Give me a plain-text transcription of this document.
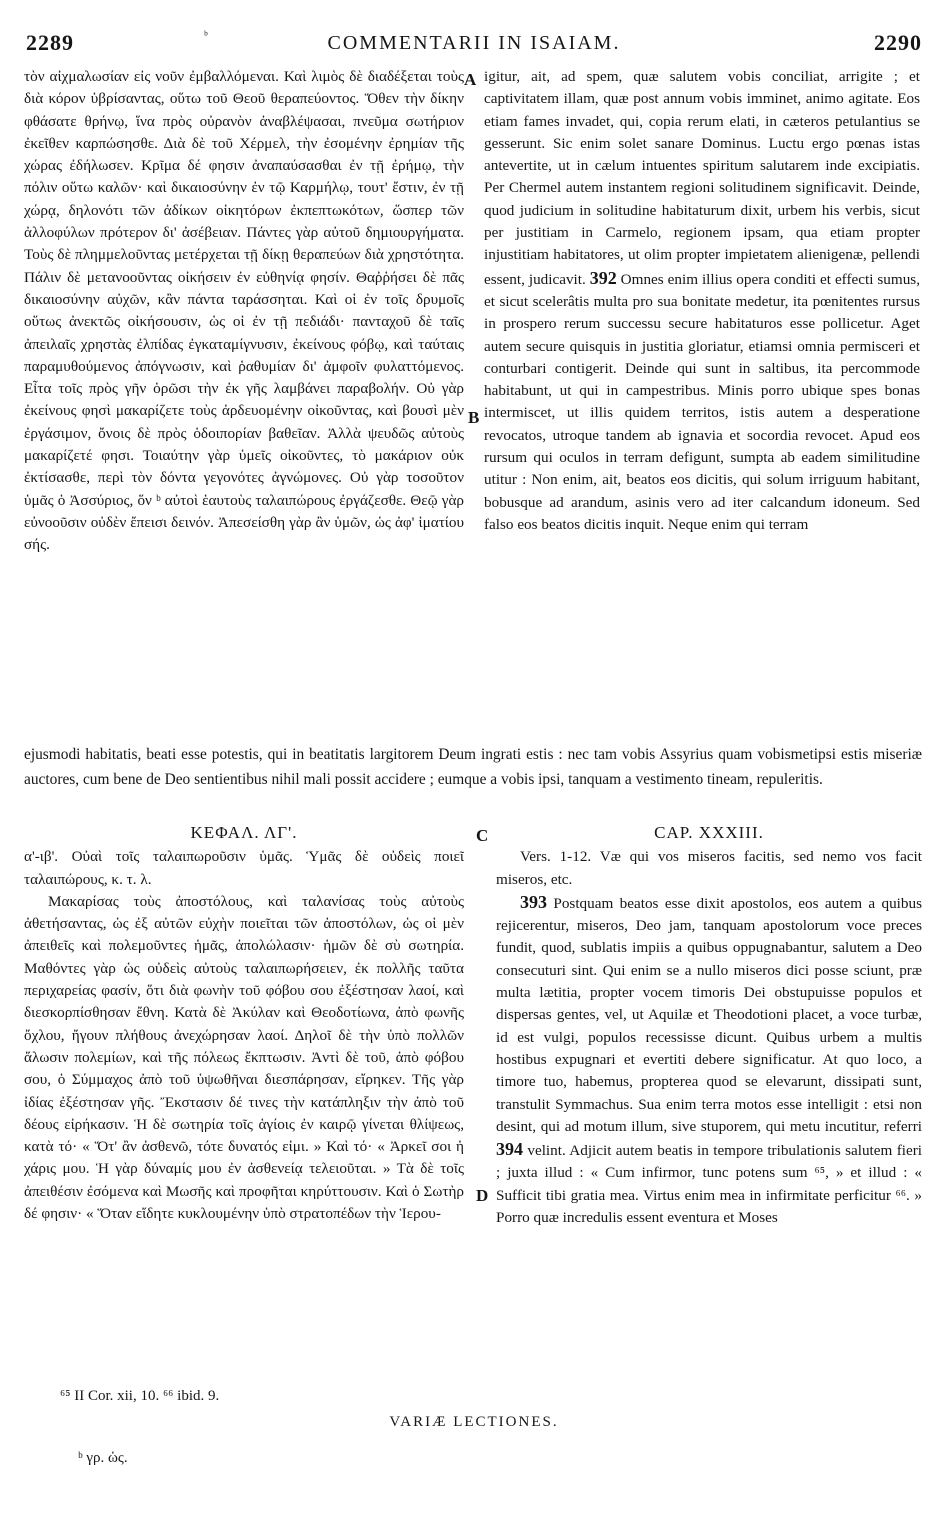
ᵇ
2289	COMMENTARII IN ISAIAM.	2290

τὸν αἰχμαλωσίαν εἰς νοῦν ἐμβαλλόμεναι. Καὶ λιμὸς δὲ διαδέξεται τοὺς διὰ κόρον ὑβρίσαντας, οὕτω τοῦ Θεοῦ θεραπεύοντος. Ὅθεν τὴν δίκην φθάσατε θρήνῳ, ἵνα πρὸς οὐρανὸν ἀναβλέψασαι, πνεῦμα σωτήριον ἐκεῖθεν καρπώσησθε. Διὰ δὲ τοῦ Χέρμελ, τὴν ἐσομένην ἐρημίαν τῆς χώρας ἐδήλωσεν. Κρῖμα δέ φησιν ἀναπαύσασθαι ἐν τῇ ἐρήμῳ, τὴν πόλιν οὕτω καλῶν· καὶ δικαιοσύνην ἐν τῷ Καρμήλῳ, τουτ' ἔστιν, ἐν τῇ χώρᾳ, δηλονότι τῶν ἀδίκων οἰκητόρων ἐκπεπτωκότων, ὥσπερ τῶν ἀλλοφύλων πρότερον δι' ἀσέβειαν. Πάντες γὰρ αὐτοῦ δημιουργήματα. Τοὺς δὲ πλημμελοῦντας μετέρχεται τῇ δίκῃ θεραπεύων διὰ χρηστότητα. Πάλιν δὲ μετανοοῦντας οἰκήσειν ἐν εὐθηνίᾳ φησίν. Θαῤῥήσει δὲ πᾶς δικαιοσύνην αὐχῶν, κἂν πάντα ταράσσηται. Καὶ οἱ ἐν τοῖς δρυμοῖς οὕτως ἀνεκτῶς οἰκήσουσιν, ὡς οἱ ἐν τῇ πεδιάδι· πανταχοῦ δὲ ταῖς ἀπειλαῖς χρηστὰς ἐλπίδας ἐγκαταμίγνυσιν, ἐκείνους φόβῳ, καὶ ταύταις παραμυθούμενος ἀπόγνωσιν, καὶ ῥαθυμίαν δι' ἀμφοῖν φυλαττόμενος. Εἶτα τοῖς πρὸς γῆν ὁρῶσι τὴν ἐκ γῆς λαμβάνει παραβολήν. Οὐ γὰρ ἐκείνους φησὶ μακαρίζετε τοὺς ἀρδευομένην οἰκοῦντας, καὶ βουσὶ μὲν ἐργάσιμον, ὄνοις δὲ πρὸς ὁδοιπορίαν βαθεῖαν. Ἀλλὰ ψευδῶς αὐτοὺς μακαρίζετέ φησι. Τοιαύτην γὰρ ὑμεῖς οἰκοῦντες, τὸ μακάριον οὐκ ἐκτίσασθε, περὶ τὸν δόντα γεγονότες ἀγνώμονες. Οὐ γὰρ τοσοῦτον ὑμᾶς ὁ Ἀσσύριος, ὅν ᵇ αὐτοὶ ἑαυτοὺς ταλαιπώρους ἐργάζεσθε. Θεῷ γὰρ εὐνοοῦσιν οὐδὲν ἔπεισι δεινόν. Ἀπεσείσθη γὰρ ἂν ὑμῶν, ὡς ἀφ' ἱματίου σής.

A
B

igitur, ait, ad spem, quæ salutem vobis conciliat, arrigite ; et captivitatem illam, quæ post annum vobis imminet, animo agitate. Eos etiam fames invadet, qui, copia rerum elati, in cæteros petulantius se gesserunt. Sic enim solet sanare Dominus. Luctu ergo pœnas istas antevertite, ut in cælum intuentes spiritum salutarem inde excipiatis. Per Chermel autem instantem regioni solitudinem significavit. Deinde, quod judicium in solitudine habitaturum dixit, urbem his verbis, sicut per justitiam in Carmelo, regionem ipsam, qua etiam propter injustitiam habitatores, ut olim propter impietatem alienigenæ, pellendi essent, judicavit. 392 Omnes enim illius opera conditi et effecti sumus, et sicut scelerâtis multa pro sua bonitate medetur, ita pœnitentes rursus in prospero rerum successu secure habitaturos esse pollicetur. Aget autem secure quisquis in justitia gloriatur, etiamsi omnia permisceri et conturbari contigerit. Deinde qui sunt in saltibus, ita percommode habitabunt, ut qui in campestribus. Minis porro ubique spes bonas intermiscet, ut illis quidem territos, istis autem a desperatione revocatos, utroque tandem ab ignavia et socordia revocet. Apud eos rursum qui oculos in terram defigunt, sumpta ab eadem similitudine utitur : Non enim, ait, beatos eos dicitis, qui solum irriguum habitant, bobusque ad arandum, asinis vero ad iter calcandum idoneum. Sed falso eos beatos dicitis inquit. Neque enim qui terram

ejusmodi habitatis, beati esse potestis, qui in beatitatis largitorem Deum ingrati estis : nec tam vobis Assyrius quam vobismetipsi estis miseriæ auctores, cum bene de Deo sentientibus nihil mali possit accidere ; eumque a vobis ipsi, tanquam a vestimento tineam, repuleritis.

C

ΚΕΦΑΛ. ΛΓ'.

α'-ιβ'. Οὐαὶ τοῖς ταλαιπωροῦσιν ὑμᾶς. Ὑμᾶς δὲ οὐδεὶς ποιεῖ ταλαιπώρους, κ. τ. λ.

Μακαρίσας τοὺς ἀποστόλους, καὶ ταλανίσας τοὺς αὐτοὺς ἀθετήσαντας, ὡς ἐξ αὐτῶν εὐχὴν ποιεῖται τῶν ἀποστόλων, ὡς οἱ μὲν ἀπειθεῖς καὶ πολεμοῦντες ἡμᾶς, ἀπολώλασιν· ἡμῶν δὲ σὺ σωτηρία. Μαθόντες γὰρ ὡς οὐδεὶς αὐτοὺς ταλαιπωρήσειεν, ἐκ πολλῆς ταῦτα περιχαρείας φασίν, ὅτι διὰ φωνὴν τοῦ φόβου σου ἐξέστησαν λαοί, καὶ διεσκορπίσθησαν ἔθνη. Κατὰ δὲ Ἀκύλαν καὶ Θεοδοτίωνα, ἀπὸ φωνῆς ὄχλου, ἤγουν πλήθους ἀνεχώρησαν λαοί. Δηλοῖ δὲ τὴν ὑπὸ πολλῶν ἅλωσιν πολεμίων, καὶ τῆς πόλεως ἔκπτωσιν. Ἀντὶ δὲ τοῦ, ἀπὸ φόβου σου, ὁ Σύμμαχος ἀπὸ τοῦ ὑψωθῆναι διεσπάρησαν, εἴρηκεν. Τῆς γὰρ ἰδίας ἐξέστησαν γῆς. Ἔκστασιν δέ τινες τὴν κατάπληξιν τὴν ἀπὸ τοῦ δέους εἰρήκασιν. Ἡ δὲ σωτηρία τοῖς ἁγίοις ἐν καιρῷ γίνεται θλίψεως, κατὰ τό· « Ὅτ' ἂν ἀσθενῶ, τότε δυνατός εἰμι. » Καὶ τό· « Ἀρκεῖ σοι ἡ χάρις μου. Ἡ γὰρ δύναμίς μου ἐν ἀσθενείᾳ τελειοῦται. » Τὰ δὲ τοῖς ἀπειθέσιν ἐσόμενα καὶ Μωσῆς καὶ προφῆται κηρύττουσιν. Καὶ ὁ Σωτὴρ δέ φησιν· « Ὅταν εἴδητε κυκλουμένην ὑπὸ στρατοπέδων τὴν Ἱερου-

D

CAP. XXXIII.

Vers. 1-12. Væ qui vos miseros facitis, sed nemo vos facit miseros, etc.

393 Postquam beatos esse dixit apostolos, eos autem a quibus rejicerentur, miseros, Deo jam, tanquam apostolorum voce preces fundit, quod, sublatis impiis a quibus oppugnabantur, salutem a Deo consecuturi sint. Qui enim se a nullo miseros dici posse sciunt, præ multa lætitia, propter vocem timoris Dei obstupuisse populos et dispersas gentes, vel, ut Aquilæ et Theodotioni placet, a voce turbæ, id est vulgi, populos recessisse dicunt. Quibus urbem a multis hostibus expugnari et evertiti debere significatur. At quo loco, a timore tuo, habemus, propterea quod se elevarunt, dissipati sunt, transtulit Symmachus. Sua enim terra motos esse intelligit : etsi non desint, qui ad motum illum, sive stuporem, qui metu incutitur, referri 394 velint. Adjicit autem beatis in tempore tribulationis salutem fieri ; juxta illud : « Cum infirmor, tunc potens sum ⁶⁵, » et illud : « Sufficit tibi gratia mea. Virtus enim mea in infirmitate perficitur ⁶⁶. » Porro quæ incredulis essent eventura et Moses

⁶⁵ II Cor. xii, 10. ⁶⁶ ibid. 9.
VARIÆ LECTIONES.
ᵇ γρ. ὡς.
